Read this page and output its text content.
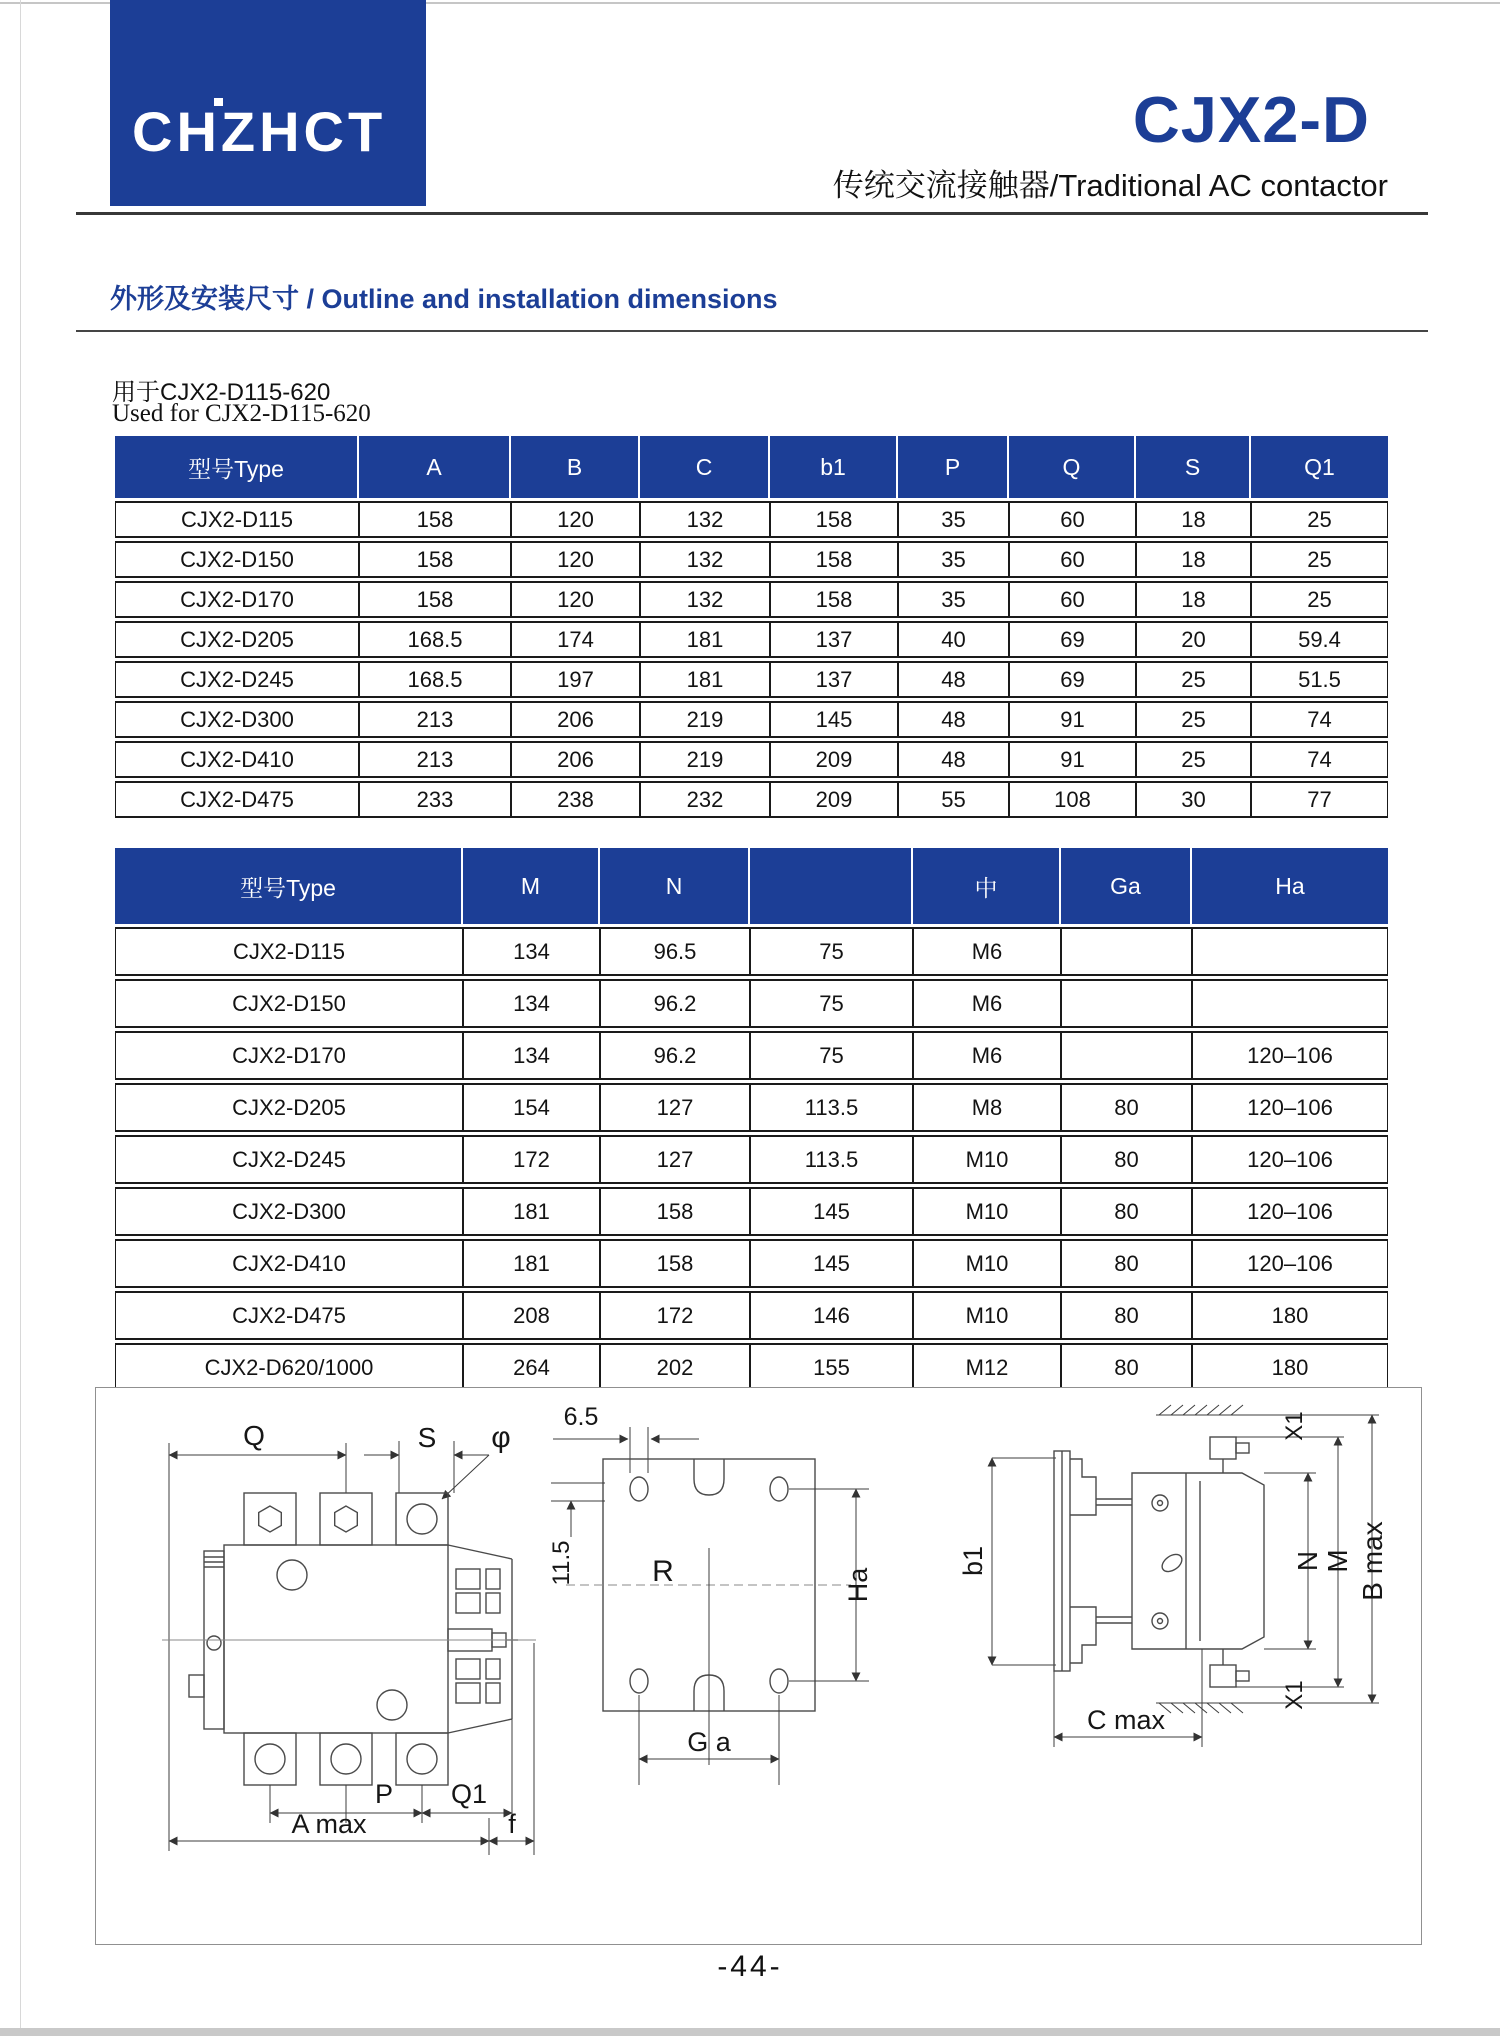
CHZHCT	CJX2-D
传统交流接触器/Traditional AC contactor
外形及安装尺寸 / Outline and installation dimensions
用于CJX2-D115-620
Used for CJX2-D115-620
型号Type	A	B	C	b1	P	Q	S	Q1
CJX2-D115	158	120	132	158	35	60	18	25
CJX2-D150	158	120	132	158	35	60	18	25
CJX2-D170	158	120	132	158	35	60	18	25
CJX2-D205	168.5	174	181	137	40	69	20	59.4
CJX2-D245	168.5	197	181	137	48	69	25	51.5
CJX2-D300	213	206	219	145	48	91	25	74
CJX2-D410	213	206	219	209	48	91	25	74
CJX2-D475	233	238	232	209	55	108	30	77
型号Type	M	N		中	Ga	Ha
CJX2-D115	134	96.5	75	M6		
CJX2-D150	134	96.2	75	M6		
CJX2-D170	134	96.2	75	M6		120–106
CJX2-D205	154	127	113.5	M8	80	120–106
CJX2-D245	172	127	113.5	M10	80	120–106
CJX2-D300	181	158	145	M10	80	120–106
CJX2-D410	181	158	145	M10	80	120–106
CJX2-D475	208	172	146	M10	80	180
CJX2-D620/1000	264	202	155	M12	80	180
Q	S φ
P Q1
A max	f
6.5
11.5	R	Ha
G a
b1
X1
X1
N M B max
C max
-44-
